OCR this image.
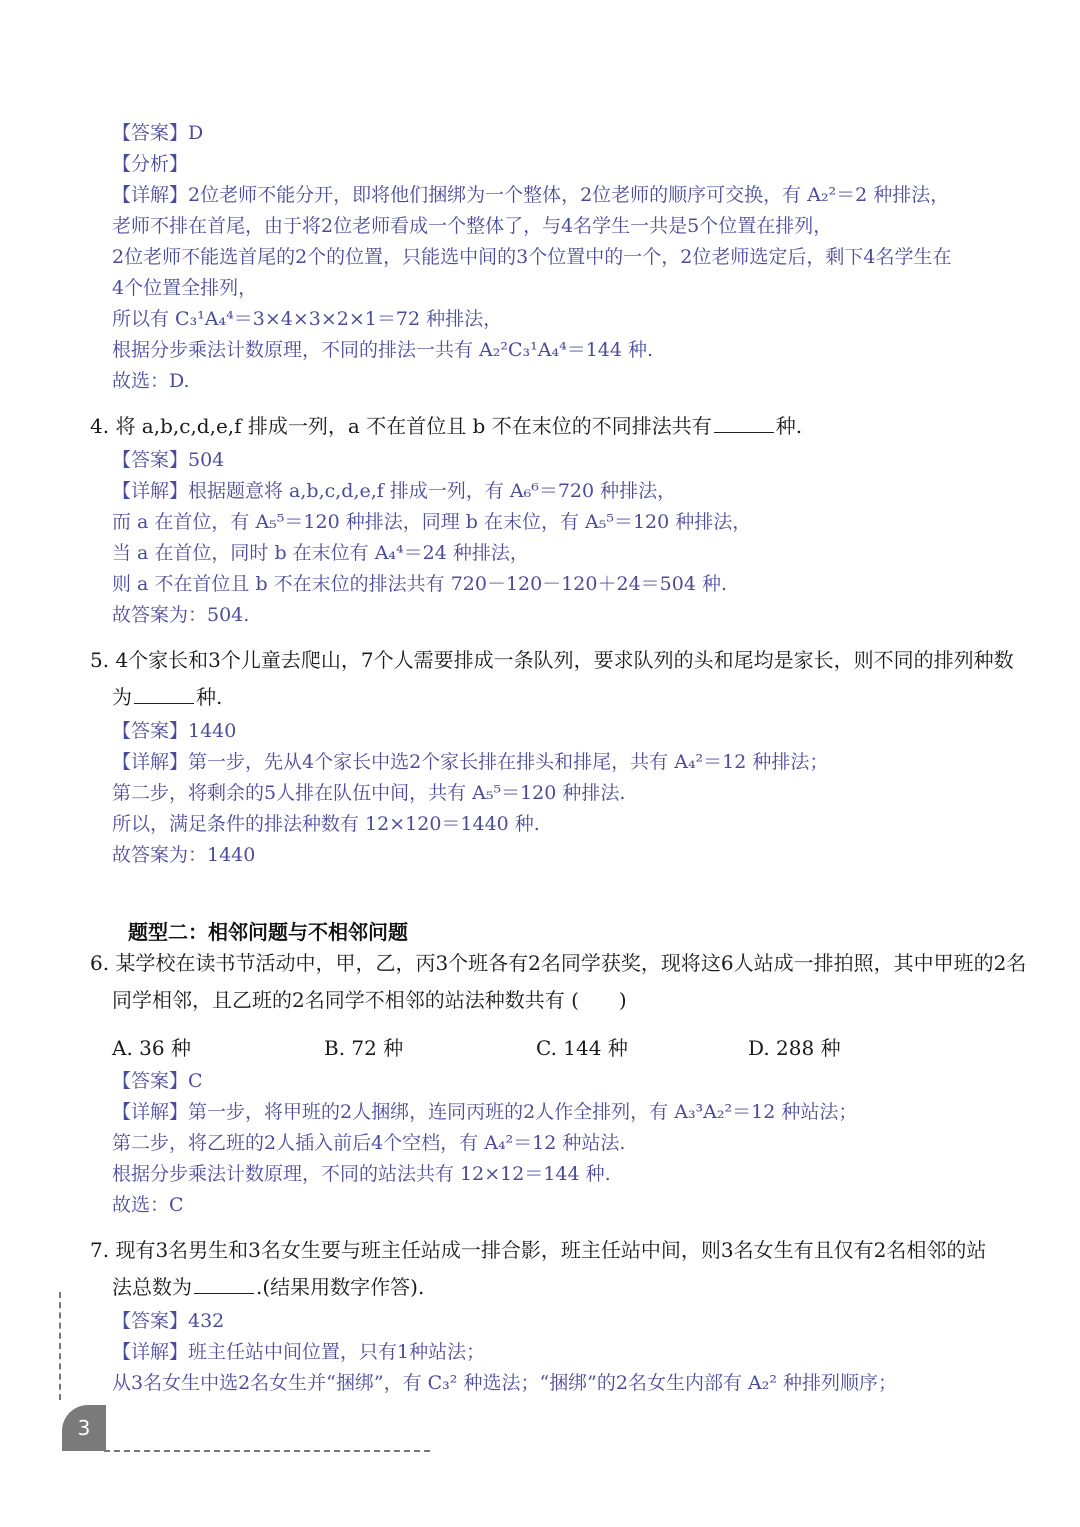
【答案】D
【分析】
【详解】2位老师不能分开，即将他们捆绑为一个整体，2位老师的顺序可交换，有 A₂²＝2 种排法，
老师不排在首尾，由于将2位老师看成一个整体了，与4名学生一共是5个位置在排列，
2位老师不能选首尾的2个的位置，只能选中间的3个位置中的一个，2位老师选定后，剩下4名学生在
4个位置全排列，
所以有 C₃¹A₄⁴＝3×4×3×2×1＝72 种排法，
根据分步乘法计数原理，不同的排法一共有 A₂²C₃¹A₄⁴＝144 种.
故选：D.
4. 将 a,b,c,d,e,f 排成一列，a 不在首位且 b 不在末位的不同排法共有	种.
【答案】504
【详解】根据题意将 a,b,c,d,e,f 排成一列，有 A₆⁶＝720 种排法，
而 a 在首位，有 A₅⁵＝120 种排法，同理 b 在末位，有 A₅⁵＝120 种排法，
当 a 在首位，同时 b 在末位有 A₄⁴＝24 种排法，
则 a 不在首位且 b 不在末位的排法共有 720－120－120＋24＝504 种.
故答案为：504.
5. 4个家长和3个儿童去爬山，7个人需要排成一条队列，要求队列的头和尾均是家长，则不同的排列种数
为	种.
【答案】1440
【详解】第一步，先从4个家长中选2个家长排在排头和排尾，共有 A₄²＝12 种排法；
第二步，将剩余的5人排在队伍中间，共有 A₅⁵＝120 种排法.
所以，满足条件的排法种数有 12×120＝1440 种.
故答案为：1440
题型二：相邻问题与不相邻问题
6. 某学校在读书节活动中，甲，乙，丙3个班各有2名同学获奖，现将这6人站成一排拍照，其中甲班的2名
同学相邻，且乙班的2名同学不相邻的站法种数共有 (　　)
A. 36 种	B. 72 种	C. 144 种	D. 288 种
【答案】C
【详解】第一步，将甲班的2人捆绑，连同丙班的2人作全排列，有 A₃³A₂²＝12 种站法；
第二步，将乙班的2人插入前后4个空档，有 A₄²＝12 种站法.
根据分步乘法计数原理，不同的站法共有 12×12＝144 种.
故选：C
7. 现有3名男生和3名女生要与班主任站成一排合影，班主任站中间，则3名女生有且仅有2名相邻的站
法总数为	.(结果用数字作答).
【答案】432
【详解】班主任站中间位置，只有1种站法；
从3名女生中选2名女生并“捆绑”，有 C₃² 种选法；“捆绑”的2名女生内部有 A₂² 种排列顺序；
3
